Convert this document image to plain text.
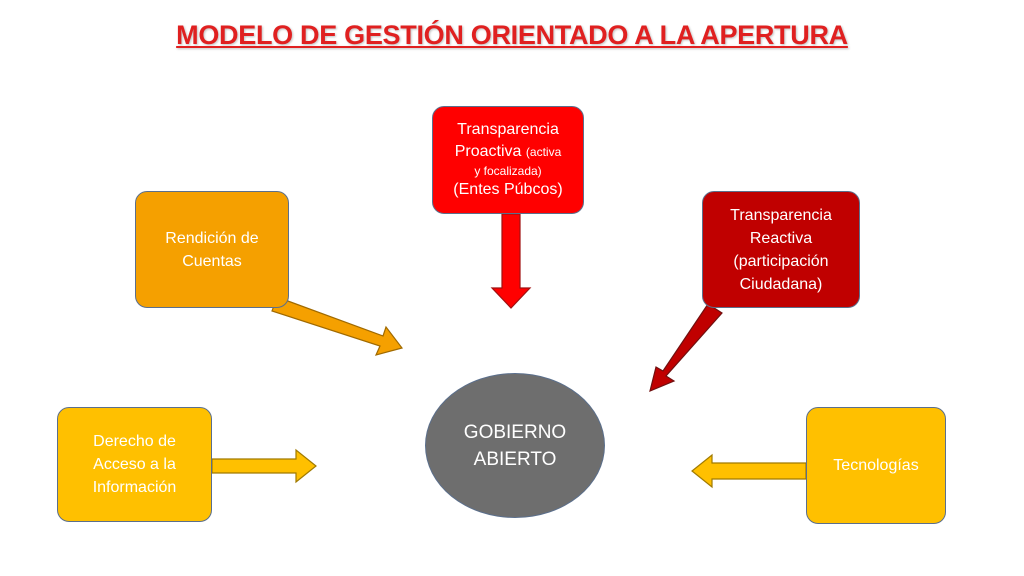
MODELO DE GESTIÓN ORIENTADO A LA APERTURA
Transparencia
Proactiva (activa
y focalizada)
(Entes Púbcos)
Rendición de
Cuentas
Transparencia
Reactiva
(participación
Ciudadana)
Derecho de
Acceso a la
Información
Tecnologías
GOBIERNO
ABIERTO
